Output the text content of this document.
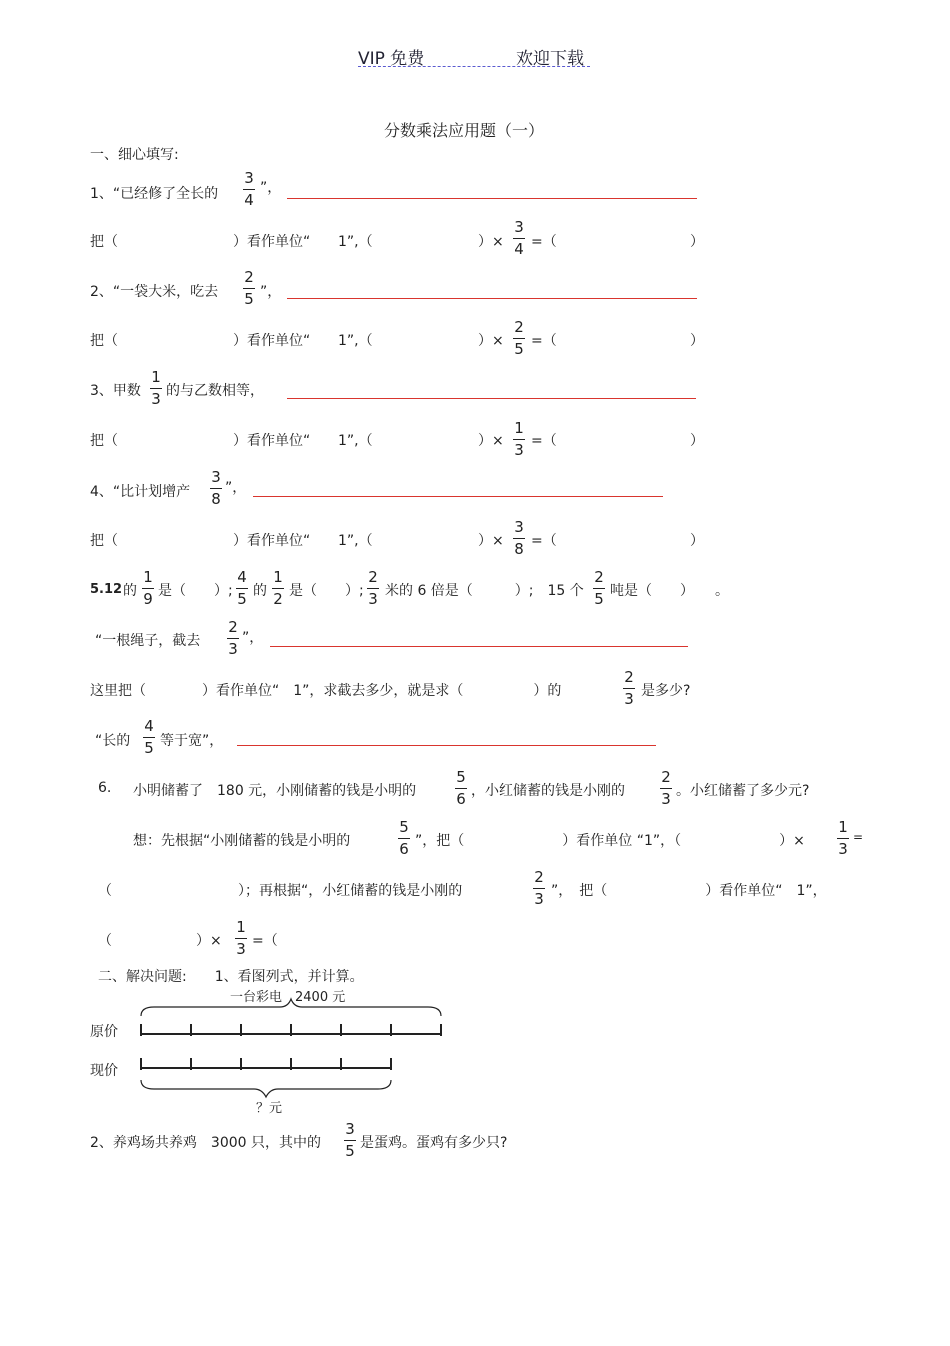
VIP 免费	欢迎下载
分数乘法应用题（一）
一、细心填写:
1、“已经修了全长的
3
4
”，
把（	）看作单位“ 1”,（	）× =（	）
3
4
2、“一袋大米，吃去
2
5 ”，
把（	）看作单位“ 1”,（	）× =（	）
2
5
3、甲数
1
3 的与乙数相等，
把（	）看作单位“ 1”,（	）× =（	）
1
3
4、“比计划增产
3
8
”，
把（	）看作单位“ 1”,（	）× =（	）
3
8
5.12 的
1
9 是（　　）;
4
5 的
1
2 是（　　）;
2
3 米的 6 倍是（　　　）;　15 个
2
5 吨是（　　）　　。
“一根绳子，截去
2
3
”，
这里把（　　　　）看作单位“　1”，求截去多少，就是求（　　　　　）的
2
3 是多少?
“长的
4
5 等于宽”，
6. 小明储蓄了　180 元，小刚储蓄的钱是小明的
5
6 ，小红储蓄的钱是小刚的
2
3 。小红储蓄了多少元?
想：先根据“小刚储蓄的钱是小明的
5
6 ”，把（　　　　　　　）看作单位 “1”，（　　　　　　　）×
1
3
=
（　　　　　　　　　）；再根据“，小红储蓄的钱是小刚的
2
3 ”，　把（　　　　　　　）看作单位“　1”，
（　　　　　　）×
1
3 =（
二、解决问题:　　1、看图列式，并计算。
一台彩电　2400 元
原价
现价
？元
2、养鸡场共养鸡　3000 只，其中的
3
5 是蛋鸡。蛋鸡有多少只?
